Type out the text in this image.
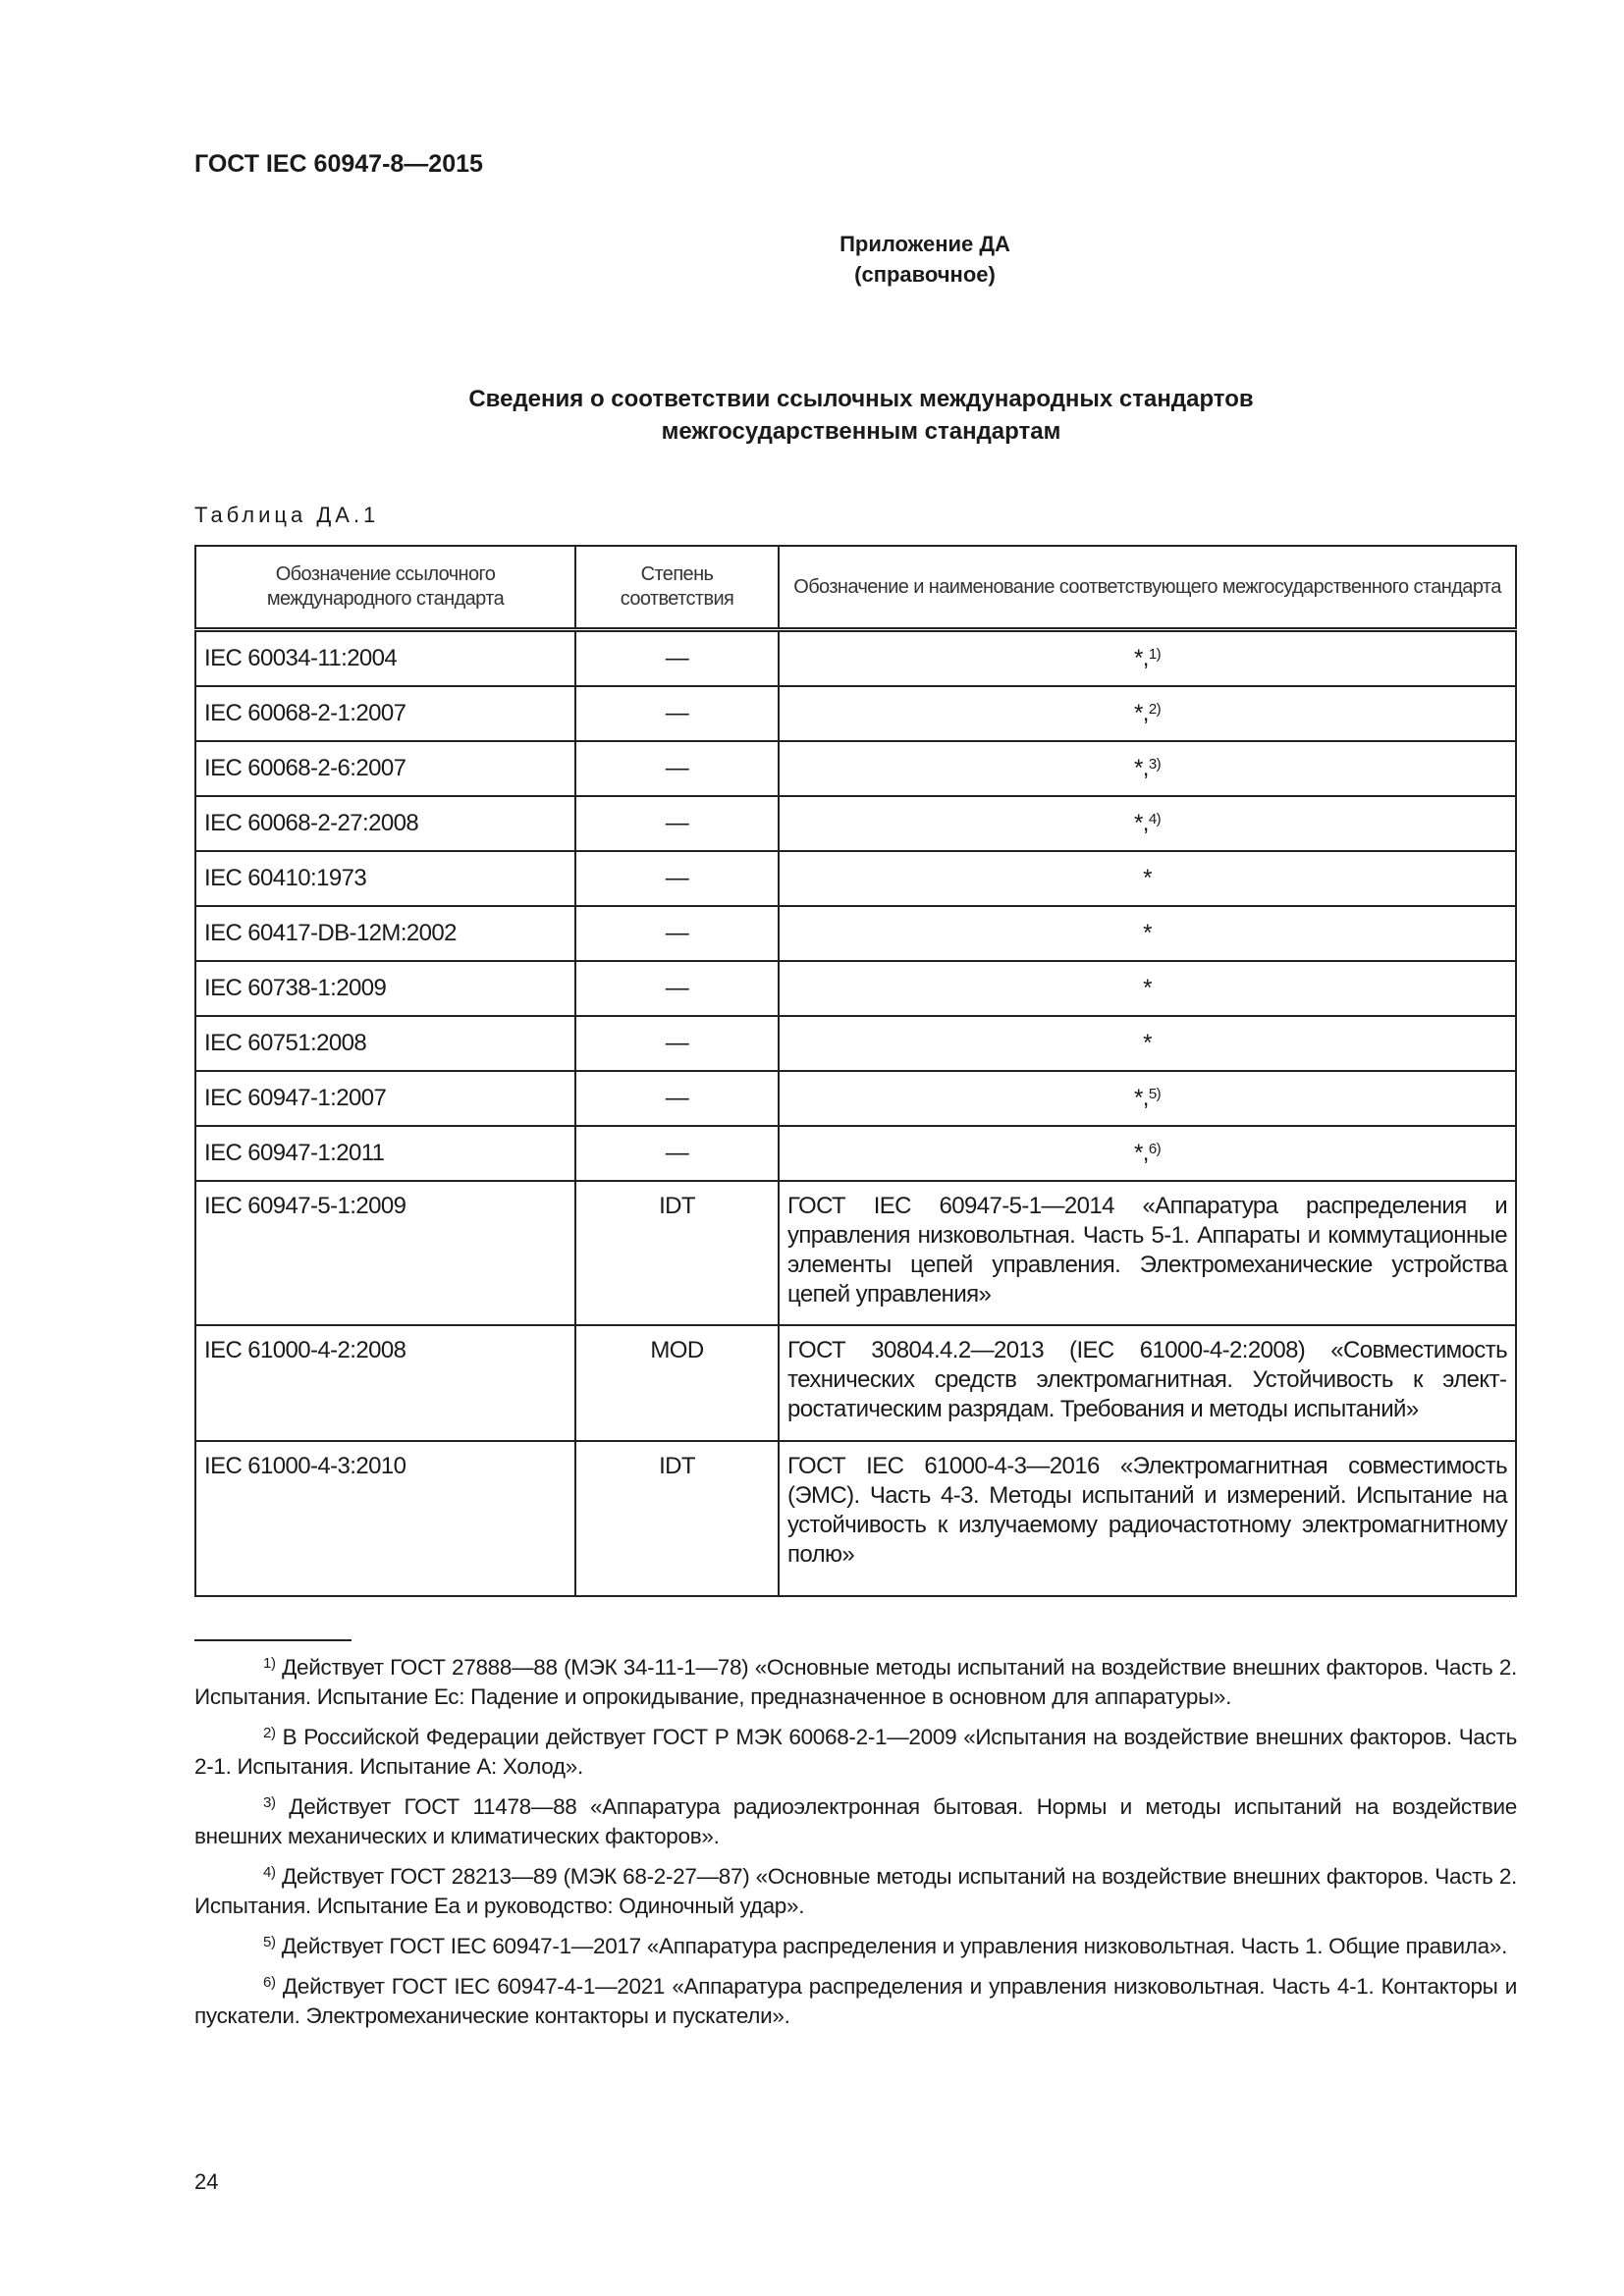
ГОСТ IEC 60947-8—2015
Приложение ДА
(справочное)
Сведения о соответствии ссылочных международных стандартов
межгосударственным стандартам
Таблица ДА.1
Обозначение ссылочного международного стандарта	Степень соответствия	Обозначение и наименование соответствующего межгосударственного стандарта
IEC 60034-11:2004	—	*,$^{1)}$
IEC 60068-2-1:2007	—	*,$^{2)}$
IEC 60068-2-6:2007	—	*,$^{3)}$
IEC 60068-2-27:2008	—	*,$^{4)}$
IEC 60410:1973	—	*
IEC 60417-DB-12M:2002	—	*
IEC 60738-1:2009	—	*
IEC 60751:2008	—	*
IEC 60947-1:2007	—	*,$^{5)}$
IEC 60947-1:2011	—	*,$^{6)}$
IEC 60947-5-1:2009	IDT	ГОСТ IEC 60947-5-1—2014 «Аппаратура распределения и управления низковольтная. Часть 5-1. Аппараты и коммутационные элементы цепей управления. Электромеханические устройства цепей управления»
IEC 61000-4-2:2008	MOD	ГОСТ 30804.4.2—2013 (IEC 61000-4-2:2008) «Совместимость технических средств электромагнитная. Устойчивость к электростатическим разрядам. Требования и методы испытаний»
IEC 61000-4-3:2010	IDT	ГОСТ IEC 61000-4-3—2016 «Электромагнитная совместимость (ЭМС). Часть 4-3. Методы испытаний и измерений. Испытание на устойчивость к излучаемому радиочастотному электромагнитному полю»
$^{1)}$ Действует ГОСТ 27888—88 (МЭК 34-11-1—78) «Основные методы испытаний на воздействие внешних факторов. Часть 2. Испытания. Испытание Ес: Падение и опрокидывание, предназначенное в основном для аппаратуры».
$^{2)}$ В Российской Федерации действует ГОСТ Р МЭК 60068-2-1—2009 «Испытания на воздействие внешних факторов. Часть 2-1. Испытания. Испытание А: Холод».
$^{3)}$ Действует ГОСТ 11478—88 «Аппаратура радиоэлектронная бытовая. Нормы и методы испытаний на воздействие внешних механических и климатических факторов».
$^{4)}$ Действует ГОСТ 28213—89 (МЭК 68-2-27—87) «Основные методы испытаний на воздействие внешних факторов. Часть 2. Испытания. Испытание Еа и руководство: Одиночный удар».
$^{5)}$ Действует ГОСТ IEC 60947-1—2017 «Аппаратура распределения и управления низковольтная. Часть 1. Общие правила».
$^{6)}$ Действует ГОСТ IEC 60947-4-1—2021 «Аппаратура распределения и управления низковольтная. Часть 4-1. Контакторы и пускатели. Электромеханические контакторы и пускатели».
24
